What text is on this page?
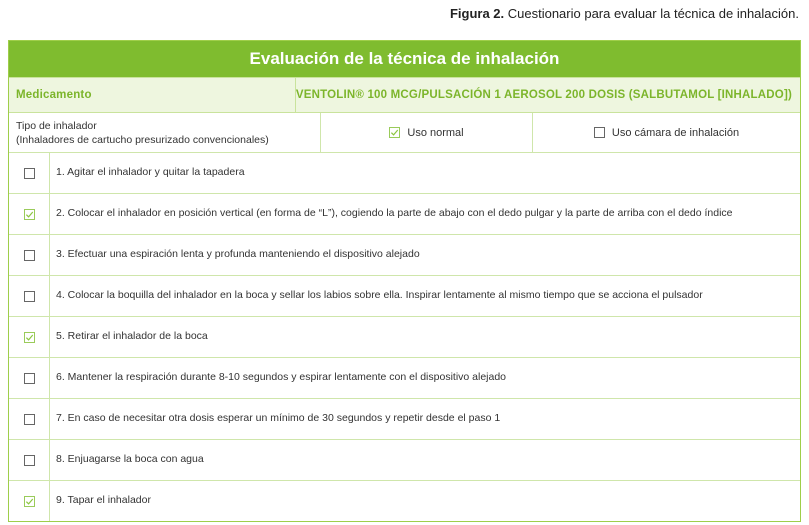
Figura 2. Cuestionario para evaluar la técnica de inhalación.
Evaluación de la técnica de inhalación
Medicamento	VENTOLIN® 100 MCG/PULSACIÓN 1 AEROSOL 200 DOSIS (SALBUTAMOL [INHALADO])
Tipo de inhalador
(Inhaladores de cartucho presurizado convencionales)
Uso normal	Uso cámara de inhalación
1. Agitar el inhalador y quitar la tapadera
2. Colocar el inhalador en posición vertical (en forma de “L”), cogiendo la parte de abajo con el dedo pulgar y la parte de arriba con el dedo índice
3. Efectuar una espiración lenta y profunda manteniendo el dispositivo alejado
4. Colocar la boquilla del inhalador en la boca y sellar los labios sobre ella. Inspirar lentamente al mismo tiempo que se acciona el pulsador
5. Retirar el inhalador de la boca
6. Mantener la respiración durante 8-10 segundos y espirar lentamente con el dispositivo alejado
7. En caso de necesitar otra dosis esperar un mínimo de 30 segundos y repetir desde el paso 1
8. Enjuagarse la boca con agua
9. Tapar el inhalador
